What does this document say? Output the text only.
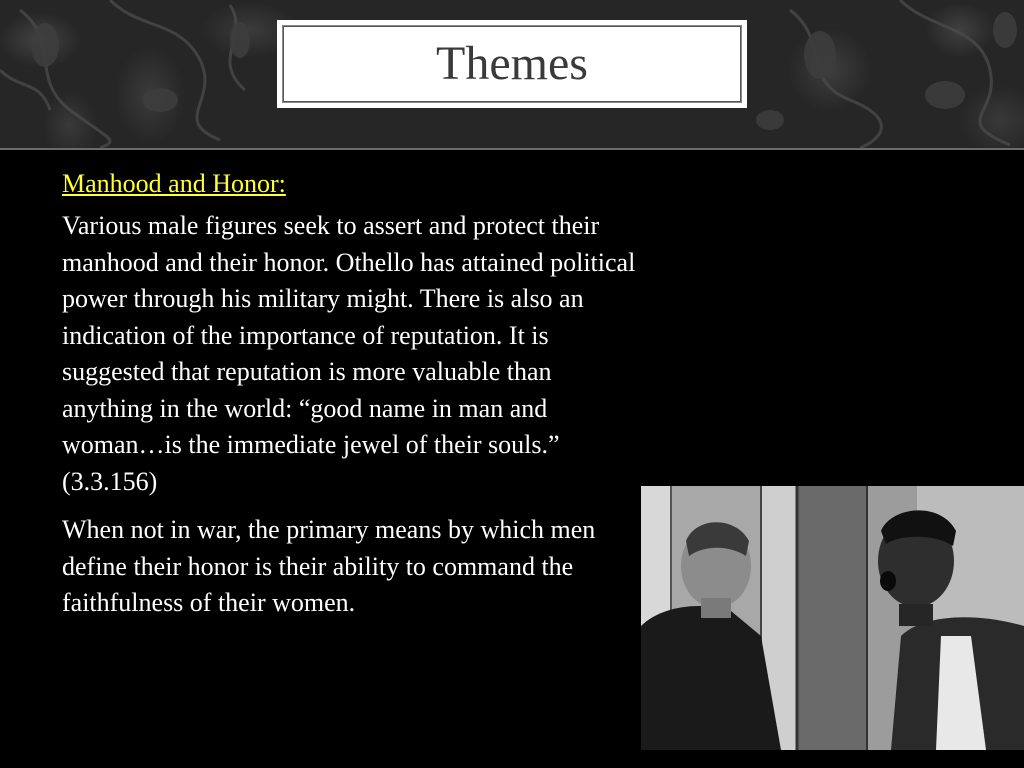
Themes
Manhood and Honor:

Various male figures seek to assert and protect their manhood and their honor. Othello has attained political power through his military might. There is also an indication of the importance of reputation. It is suggested that reputation is more valuable than anything in the world: “good name in man and woman…is the immediate jewel of their souls.” (3.3.156)

When not in war, the primary means by which men define their honor is their ability to command the faithfulness of their women.
